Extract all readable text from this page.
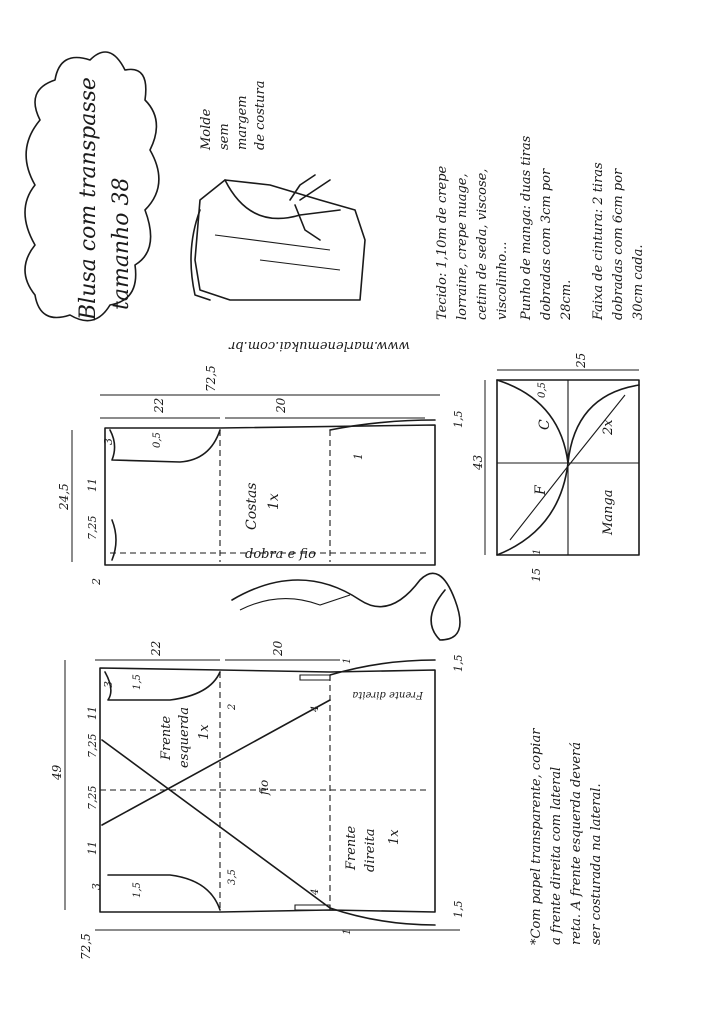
Blusa com transpasse tamanho 38
Molde sem margem de costura
www.marlenemukai.com.br
Tecido: 1,10m de crepe lorraine, crepe nuage, cetim de seda, viscose, viscolinho... Punho de manga: duas tiras dobradas com 3cm por 28cm. Faixa de cintura: 2 tiras dobradas com 6cm por 30cm cada.
72,5
22	20
24,5
1,5
3	0,5
11
7,25
2
1
Costas 1x
dobra e fio
43
25
0,5
1
15
F
C
Manga
2x
72,5
49
22	20
3 1,5
11
7,25
7,25
11
3	1,5
1,5
1,5
2
3,5
4
4
1
1
Frente esquerda 1x
Frente direita 1x
fio
Frente direita
*Com papel transparente, copiar a frente direita com lateral reta. A frente esquerda deverá ser costurada na lateral.
